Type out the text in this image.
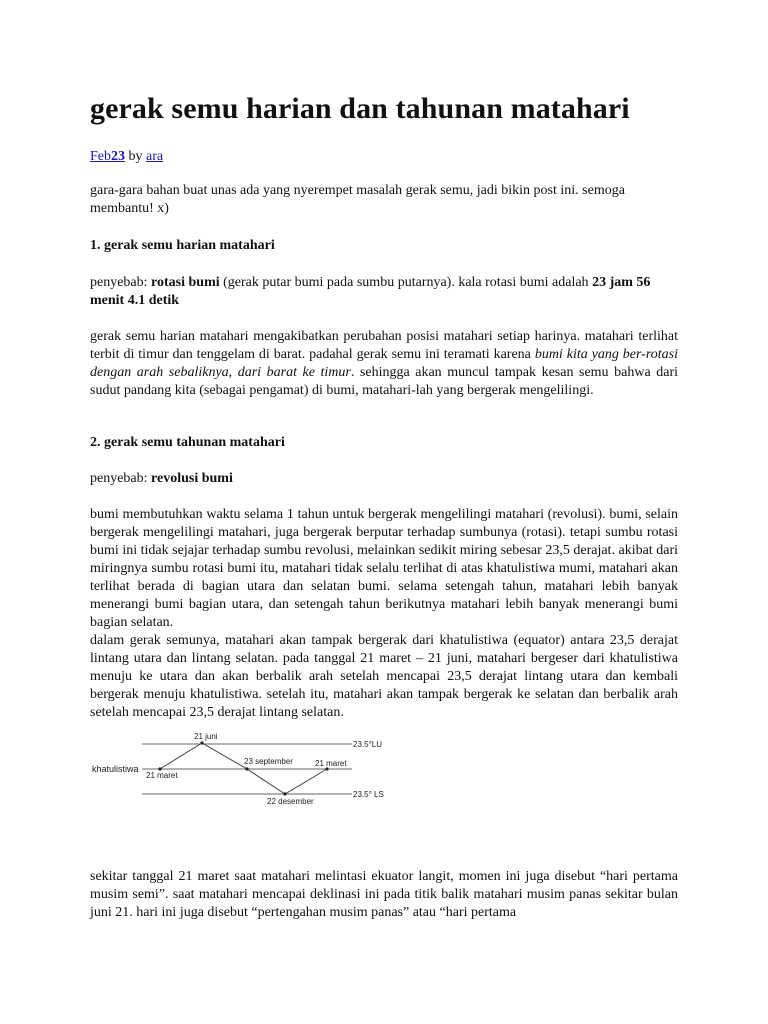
gerak semu harian dan tahunan matahari
Feb23 by ara

gara-gara bahan buat unas ada yang nyerempet masalah gerak semu, jadi bikin post ini. semoga membantu! x)

1. gerak semu harian matahari

penyebab: rotasi bumi (gerak putar bumi pada sumbu putarnya). kala rotasi bumi adalah 23 jam 56 menit 4.1 detik

gerak semu harian matahari mengakibatkan perubahan posisi matahari setiap harinya. matahari terlihat terbit di timur dan tenggelam di barat. padahal gerak semu ini teramati karena bumi kita yang ber-rotasi dengan arah sebaliknya, dari barat ke timur. sehingga akan muncul tampak kesan semu bahwa dari sudut pandang kita (sebagai pengamat) di bumi, matahari-lah yang bergerak mengelilingi.

2. gerak semu tahunan matahari

penyebab: revolusi bumi

bumi membutuhkan waktu selama 1 tahun untuk bergerak mengelilingi matahari (revolusi). bumi, selain bergerak mengelilingi matahari, juga bergerak berputar terhadap sumbunya (rotasi). tetapi sumbu rotasi bumi ini tidak sejajar terhadap sumbu revolusi, melainkan sedikit miring sebesar 23,5 derajat. akibat dari miringnya sumbu rotasi bumi itu, matahari tidak selalu terlihat di atas khatulistiwa mumi, matahari akan terlihat berada di bagian utara dan selatan bumi. selama setengah tahun, matahari lebih banyak menerangi bumi bagian utara, dan setengah tahun berikutnya matahari lebih banyak menerangi bumi bagian selatan.

dalam gerak semunya, matahari akan tampak bergerak dari khatulistiwa (equator) antara 23,5 derajat lintang utara dan lintang selatan. pada tanggal 21 maret – 21 juni, matahari bergeser dari khatulistiwa menuju ke utara dan akan berbalik arah setelah mencapai 23,5 derajat lintang utara dan kembali bergerak menuju khatulistiwa. setelah itu, matahari akan tampak bergerak ke selatan dan berbalik arah setelah mencapai 23,5 derajat lintang selatan.

khatulistiwa
21 juni
21 maret
23 september	21 maret
22 desember
23.5°LU
23.5° LS

sekitar tanggal 21 maret saat matahari melintasi ekuator langit, momen ini juga disebut “hari pertama musim semi”. saat matahari mencapai deklinasi ini pada titik balik matahari musim panas sekitar bulan juni 21. hari ini juga disebut “pertengahan musim panas” atau “hari pertama
